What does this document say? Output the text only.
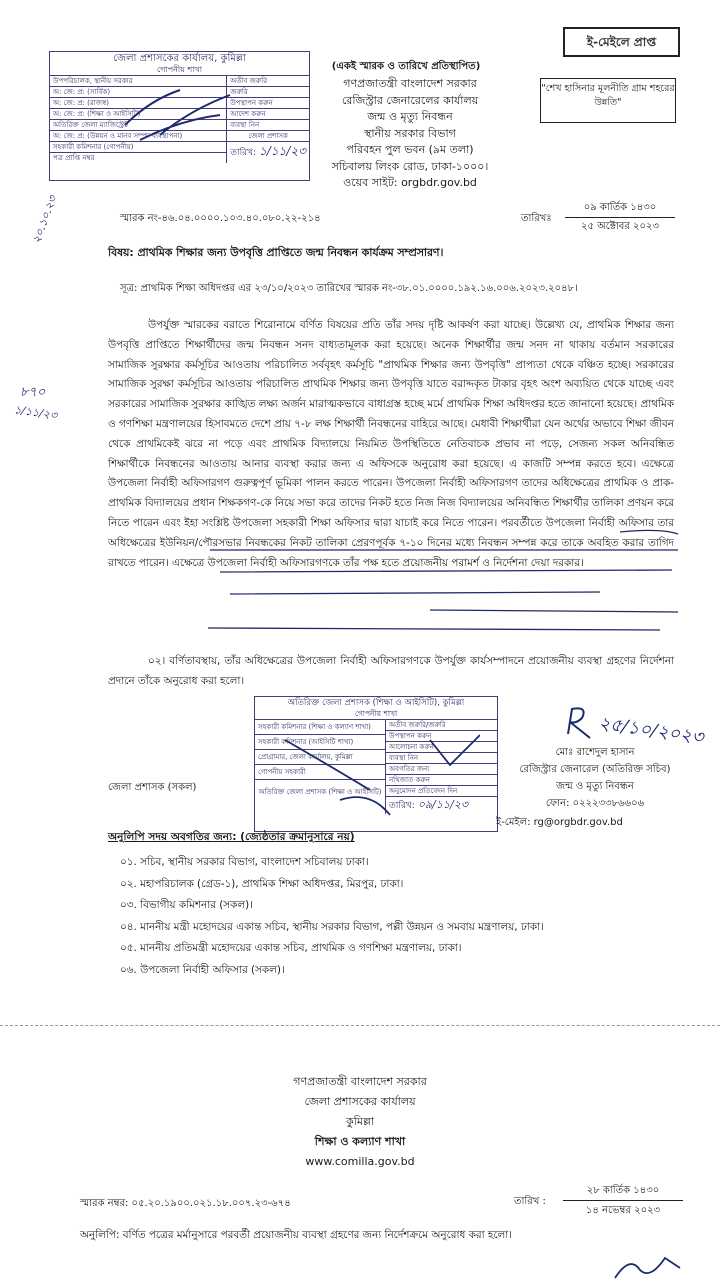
ই-মেইলে প্রাপ্ত
"শেখ হাসিনার মূলনীতি গ্রাম শহরের উন্নতি"
জেলা প্রশাসকের কার্যালয়, কুমিল্লা
গোপনীয় শাখা
উপপরিচালক, স্থানীয় সরকার
অ: জে: প্র: (সার্বিক)
অ: জে: প্র: (রাজস্ব)
অ: জে: প্র: (শিক্ষা ও আইসিটি)
অতিরিক্ত জেলা ম্যাজিস্ট্রেট
অ: জে: প্র: (উন্নয়ন ও মানব সম্পদ ব্যবস্থাপনা)
সহকারী কমিশনার (গোপনীয়)
পত্র প্রাপ্তি নম্বর
অতীব জরুরি
জরুরি
উপস্থাপন করুন
আদেশ করুন
ব্যবস্থা নিন
জেলা প্রশাসক
তারিখ: ১/১১/২৩
(একই স্মারক ও তারিখে প্রতিস্থাপিত)
গণপ্রজাতন্ত্রী বাংলাদেশ সরকার
রেজিস্ট্রার জেনারেলের কার্যালয়
জন্ম ও মৃত্যু নিবন্ধন
স্থানীয় সরকার বিভাগ
পরিবহন পুল ভবন (৯ম তলা)
সচিবালয় লিংক রোড, ঢাকা-১০০০।
ওয়েব সাইট: orgbdr.gov.bd
২০.১০.২৩
৮৭০
১/১১/২৩
স্মারক নং-৪৬.০৪.০০০০.১০৩.৪০.০৮০.২২-২১৪	তারিখঃ
০৯ কার্তিক ১৪৩০
২৫ অক্টোবর ২০২৩
বিষয়: প্রাথমিক শিক্ষার জন্য উপবৃত্তি প্রাপ্তিতে জন্ম নিবন্ধন কার্যক্রম সম্প্রসারণ।
সূত্র: প্রাথমিক শিক্ষা অধিদপ্তর এর ২৩/১০/২০২৩ তারিখের স্মারক নং-৩৮.০১.০০০০.১৯২.১৬.০০৬.২০২৩.২০৪৮।
উপর্যুক্ত স্মারকের বরাতে শিরোনামে বর্ণিত বিষয়ের প্রতি তাঁর সদয় দৃষ্টি আকর্ষণ করা যাচ্ছে। উল্লেখ্য যে, প্রাথমিক শিক্ষার জন্য উপবৃত্তি প্রাপ্তিতে শিক্ষার্থীদের জন্ম নিবন্ধন সনদ বাধ্যতামূলক করা হয়েছে। অনেক শিক্ষার্থীর জন্ম সনদ না থাকায় বর্তমান সরকারের সামাজিক সুরক্ষার কর্মসূচির আওতায় পরিচালিত সর্ববৃহৎ কর্মসূচি "প্রাথমিক শিক্ষার জন্য উপবৃত্তি" প্রাপ্যতা থেকে বঞ্চিত হচ্ছে। সরকারের সামাজিক সুরক্ষা কর্মসূচির আওতায় পরিচালিত প্রাথমিক শিক্ষার জন্য উপবৃত্তি যাতে বরাদ্দকৃত টাকার বৃহৎ অংশ অব্যয়িত থেকে যাচ্ছে এবং সরকারের সামাজিক সুরক্ষার কাঙ্খিত লক্ষ্য অর্জন মারাত্মকভাবে বাধাগ্রস্ত হচ্ছে মর্মে প্রাথমিক শিক্ষা অধিদপ্তর হতে জানানো হয়েছে। প্রাথমিক ও গণশিক্ষা মন্ত্রণালয়ের হিসাবমতে দেশে প্রায় ৭-৮ লক্ষ শিক্ষার্থী নিবন্ধনের বাহিরে আছে। মেধাবী শিক্ষার্থীরা যেন অর্থের অভাবে শিক্ষা জীবন থেকে প্রাথমিকেই ঝরে না পড়ে এবং প্রাথমিক বিদ্যালয়ে নিয়মিত উপস্থিতিতে নেতিবাচক প্রভাব না পড়ে, সেজন্য সকল অনিবন্ধিত শিক্ষার্থীকে নিবন্ধনের আওতায় আনার ব্যবস্থা করার জন্য এ অফিসকে অনুরোধ করা হয়েছে। এ কাজটি সম্পন্ন করতে হবে। এক্ষেত্রে উপজেলা নির্বাহী অফিসারগণ গুরুত্বপূর্ণ ভূমিকা পালন করতে পারেন। উপজেলা নির্বাহী অফিসারগণ তাদের অধিক্ষেত্রের প্রাথমিক ও প্রাক-প্রাথমিক বিদ্যালয়ের প্রধান শিক্ষকগণ-কে নিয়ে সভা করে তাদের নিকট হতে নিজ নিজ বিদ্যালয়ের অনিবন্ধিত শিক্ষার্থীর তালিকা প্রণয়ন করে নিতে পারেন এবং ইহা সংশ্লিষ্ট উপজেলা সহকারী শিক্ষা অফিসার দ্বারা যাচাই করে নিতে পারেন। পরবর্তীতে উপজেলা নির্বাহী অফিসার তার অধিক্ষেত্রের ইউনিয়ন/পৌরসভার নিবন্ধকের নিকট তালিকা প্রেরণপূর্বক ৭-১০ দিনের মধ্যে নিবন্ধন সম্পন্ন করে তাকে অবহিত করার তাগিদ রাখতে পারেন। এক্ষেত্রে উপজেলা নির্বাহী অফিসারগণকে তাঁর পক্ষ হতে প্রয়োজনীয় পরামর্শ ও নির্দেশনা দেয়া দরকার।
০২। বর্ণিতাবস্থায়, তাঁর অধিক্ষেত্রের উপজেলা নির্বাহী অফিসারগণকে উপর্যুক্ত কার্যসম্পাদনে প্রয়োজনীয় ব্যবস্থা গ্রহণের নির্দেশনা প্রদানে তাঁকে অনুরোধ করা হলো।
অতিরিক্ত জেলা প্রশাসক (শিক্ষা ও আইসিটি), কুমিল্লা
গোপনীয় শাখা
সহকারী কমিশনার (শিক্ষা ও কল্যাণ শাখা)
সহকারী কমিশনার (আইসিটি শাখা)
প্রোগ্রামার, জেলা কার্যালয়, কুমিল্লা
গোপনীয় সহকারী
অতিরিক্ত জেলা প্রশাসক (শিক্ষা ও আইসিটি)
অতীব জরুরি/জরুরি
উপস্থাপন করুন
আলোচনা করুন
ব্যবস্থা নিন
অবগতির জন্য
নথিজাত করুন
অনুমোদন প্রতিবেদন দিন
তারিখ: ০৯/১১/২৩
২৫/১০/২০২৩
মোঃ রাশেদুল হাসান
রেজিস্ট্রার জেনারেল (অতিরিক্ত সচিব)
জন্ম ও মৃত্যু নিবন্ধন
ফোন: ০২২২৩৩৮৬৬০৬
ই-মেইল: rg@orgbdr.gov.bd
জেলা প্রশাসক (সকল)
অনুলিপি সদয় অবগতির জন্য: (জ্যেষ্ঠতার ক্রমানুসারে নয়)
০১. সচিব, স্থানীয় সরকার বিভাগ, বাংলাদেশ সচিবালয় ঢাকা।
০২. মহাপরিচালক (গ্রেড-১), প্রাথমিক শিক্ষা অধিদপ্তর, মিরপুর, ঢাকা।
০৩. বিভাগীয় কমিশনার (সকল)।
০৪. মাননীয় মন্ত্রী মহোদয়ের একান্ত সচিব, স্থানীয় সরকার বিভাগ, পল্লী উন্নয়ন ও সমবায় মন্ত্রণালয়, ঢাকা।
০৫. মাননীয় প্রতিমন্ত্রী মহোদয়ের একান্ত সচিব, প্রাথমিক ও গণশিক্ষা মন্ত্রণালয়, ঢাকা।
০৬. উপজেলা নির্বাহী অফিসার (সকল)।
গণপ্রজাতন্ত্রী বাংলাদেশ সরকার
জেলা প্রশাসকের কার্যালয়
কুমিল্লা
শিক্ষা ও কল্যাণ শাখা
www.comilla.gov.bd
স্মারক নম্বর: ০৫.২০.১৯০০.০২১.১৮.০০৭.২৩-৬৭৪	তারিখ :
২৮ কার্তিক ১৪৩০
১৪ নভেম্বর ২০২৩
অনুলিপি: বর্ণিত পত্রের মর্মানুসারে পরবর্তী প্রয়োজনীয় ব্যবস্থা গ্রহণের জন্য নির্দেশক্রমে অনুরোধ করা হলো।
